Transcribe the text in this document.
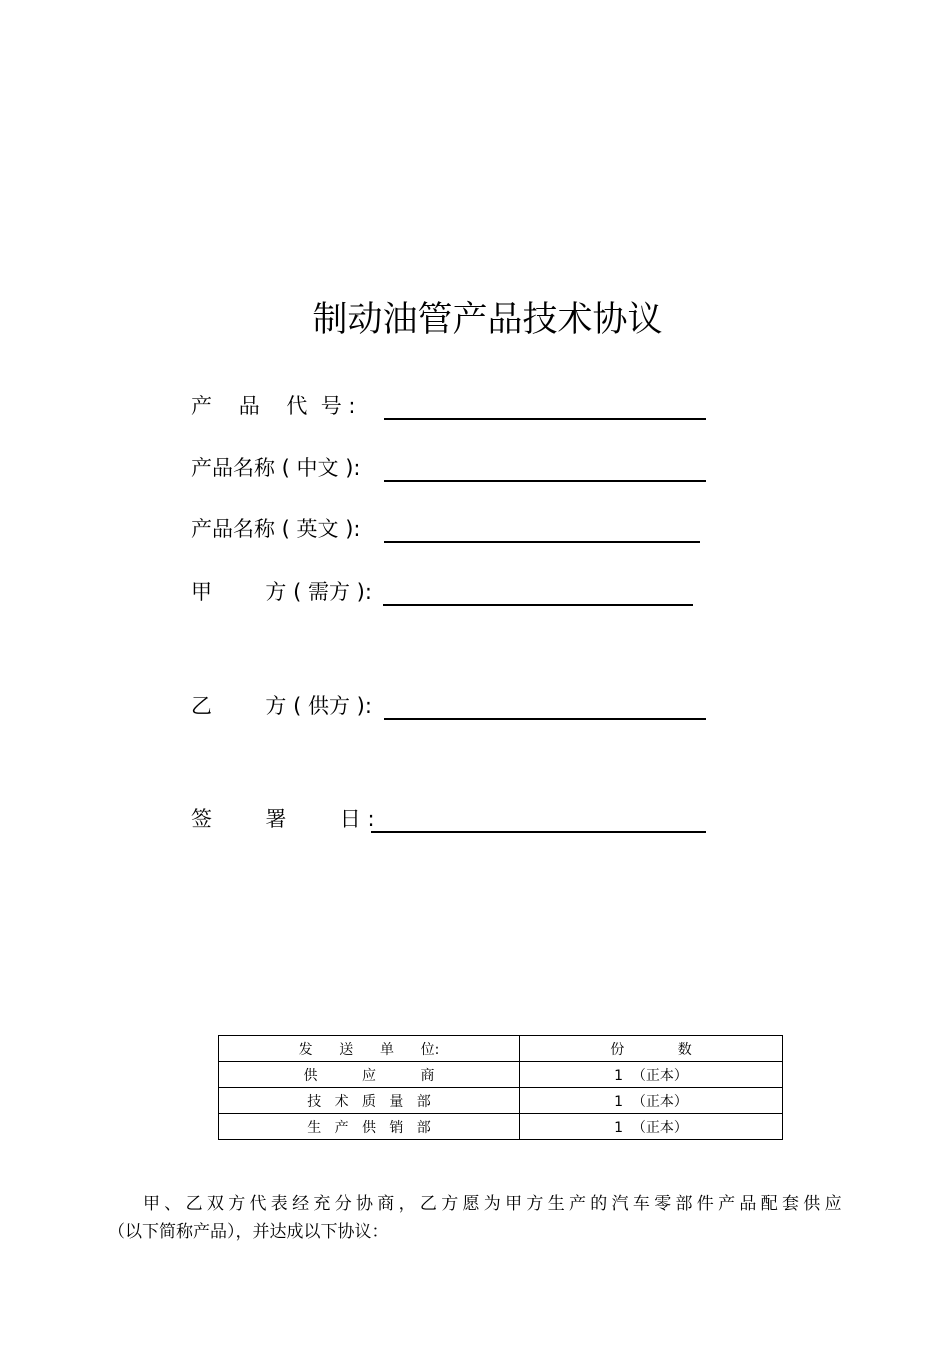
制动油管产品技术协议
产    品    代  号 :
产品名称 ( 中文 ):
产品名称 ( 英文 ):
甲        方 ( 需方 ):
乙        方 ( 供方 ):
签        署        日 :
发      送      单      位:	份            数
供          应          商	1  （正本）
技   术   质   量   部	1  （正本）
生   产   供   销   部	1  （正本）
甲、乙双方代表经充分协商，乙方愿为甲方生产的汽车零部件产品配套供应
（以下简称产品），并达成以下协议：
